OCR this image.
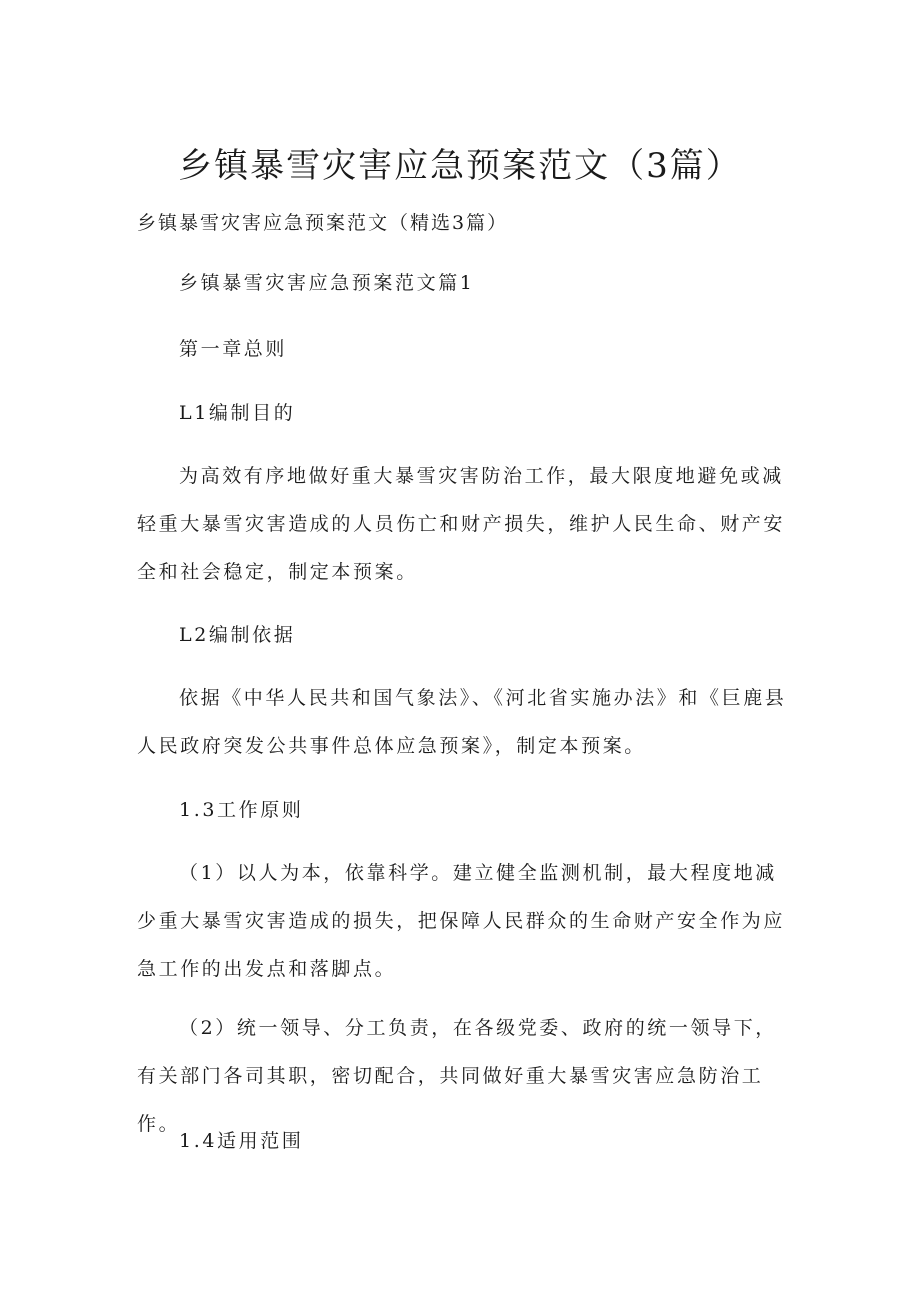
乡镇暴雪灾害应急预案范文（3篇）

乡镇暴雪灾害应急预案范文（精选3篇）

乡镇暴雪灾害应急预案范文篇1

第一章总则

L1编制目的

为高效有序地做好重大暴雪灾害防治工作，最大限度地避免或减轻重大暴雪灾害造成的人员伤亡和财产损失，维护人民生命、财产安全和社会稳定，制定本预案。

L2编制依据

依据《中华人民共和国气象法》、《河北省实施办法》和《巨鹿县人民政府突发公共事件总体应急预案》，制定本预案。

1.3工作原则

（1）以人为本，依靠科学。建立健全监测机制，最大程度地减少重大暴雪灾害造成的损失，把保障人民群众的生命财产安全作为应急工作的出发点和落脚点。

（2）统一领导、分工负责，在各级党委、政府的统一领导下，有关部门各司其职，密切配合，共同做好重大暴雪灾害应急防治工作。

1.4适用范围
